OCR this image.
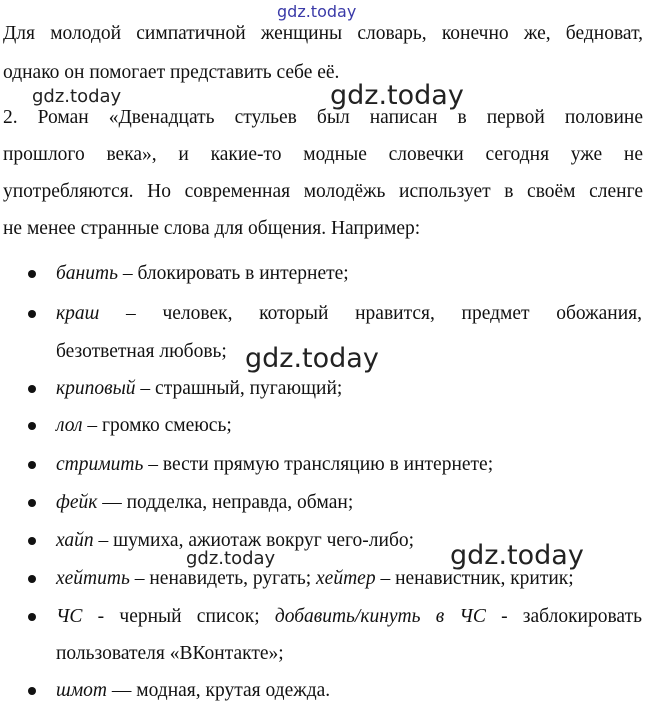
gdz.today
gdz.today	gdz.today
gdz.today
gdz.today	gdz.today
Для молодой симпатичной женщины словарь, конечно же, бедноват,
однако он помогает представить себе её.
2. Роман «Двенадцать стульев был написан в первой половине
прошлого века», и какие-то модные словечки сегодня уже не
употребляются. Но современная молодёжь использует в своём сленге
не менее странные слова для общения. Например:
банить – блокировать в интернете;
краш – человек, который нравится, предмет обожания,
безответная любовь;
криповый – страшный, пугающий;
лол – громко смеюсь;
стримить – вести прямую трансляцию в интернете;
фейк — подделка, неправда, обман;
хайп – шумиха, ажиотаж вокруг чего-либо;
хейтить – ненавидеть, ругать; хейтер – ненавистник, критик;
ЧС - черный список; добавить/кинуть в ЧС - заблокировать
пользователя «ВКонтакте»;
шмот — модная, крутая одежда.
